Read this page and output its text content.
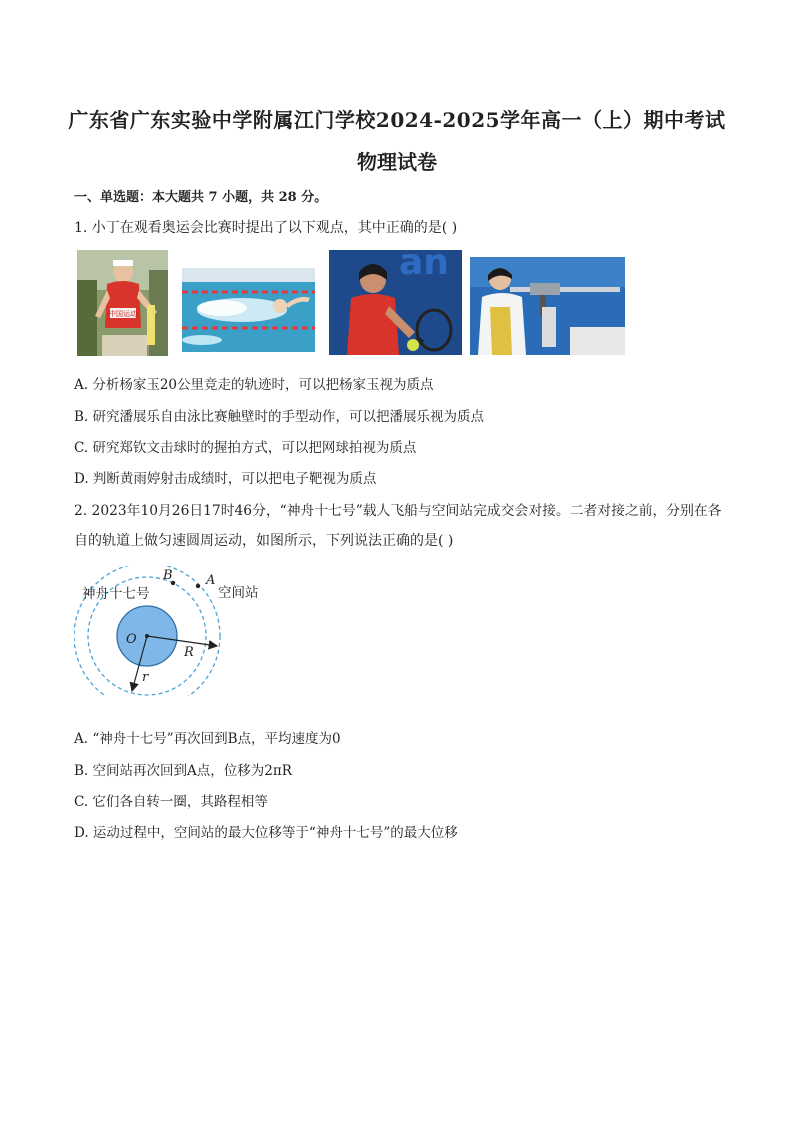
广东省广东实验中学附属江门学校2024-2025学年高一（上）期中考试
物理试卷
一、单选题：本大题共 7 小题，共 28 分。
1. 小丁在观看奥运会比赛时提出了以下观点，其中正确的是( )
中国运动
an
A. 分析杨家玉20公里竞走的轨迹时，可以把杨家玉视为质点
B. 研究潘展乐自由泳比赛触壁时的手型动作，可以把潘展乐视为质点
C. 研究郑钦文击球时的握拍方式，可以把网球拍视为质点
D. 判断黄雨婷射击成绩时，可以把电子靶视为质点
2. 2023年10月26日17时46分，“神舟十七号”载人飞船与空间站完成交会对接。二者对接之前，分别在各
自的轨道上做匀速圆周运动，如图所示，下列说法正确的是( )
B	A
神舟十七号	空间站
O
R
r
A. “神舟十七号”再次回到B点，平均速度为0
B. 空间站再次回到A点，位移为2πR
C. 它们各自转一圈，其路程相等
D. 运动过程中，空间站的最大位移等于“神舟十七号”的最大位移
